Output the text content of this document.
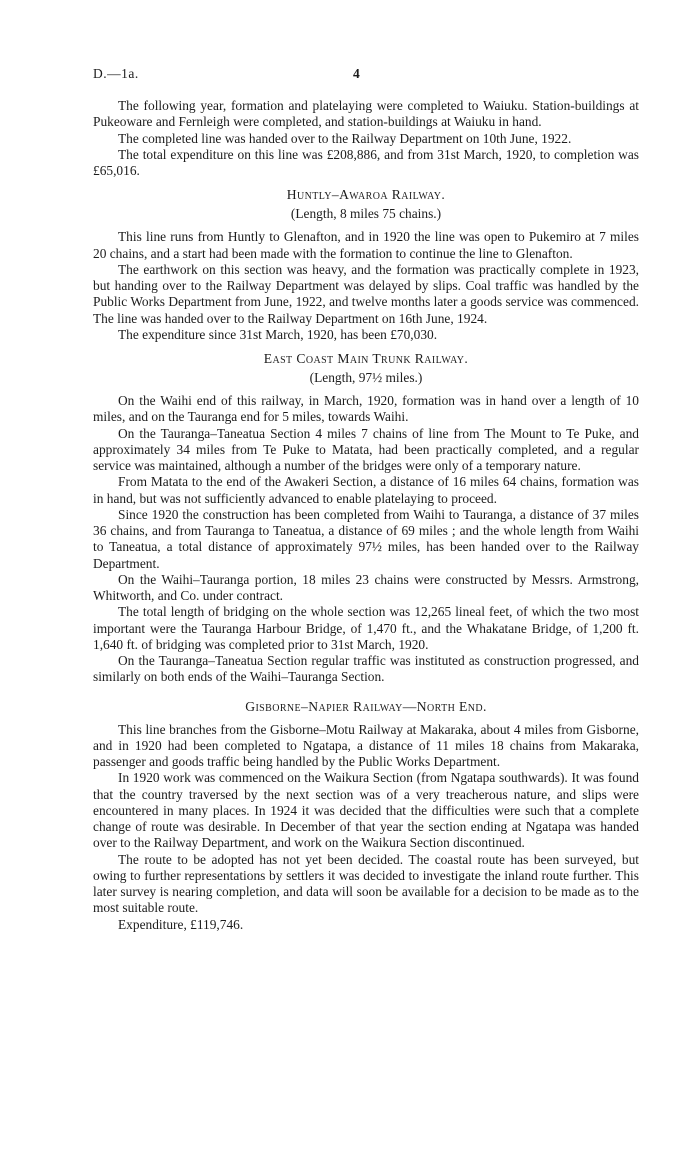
D.—1a.	4

The following year, formation and platelaying were completed to Waiuku. Station-buildings at Pukeoware and Fernleigh were completed, and station-buildings at Waiuku in hand.

The completed line was handed over to the Railway Department on 10th June, 1922.

The total expenditure on this line was £208,886, and from 31st March, 1920, to completion was £65,016.

Huntly–Awaroa Railway.
(Length, 8 miles 75 chains.)

This line runs from Huntly to Glenafton, and in 1920 the line was open to Pukemiro at 7 miles 20 chains, and a start had been made with the formation to continue the line to Glenafton.

The earthwork on this section was heavy, and the formation was practically complete in 1923, but handing over to the Railway Department was delayed by slips. Coal traffic was handled by the Public Works Department from June, 1922, and twelve months later a goods service was commenced. The line was handed over to the Railway Department on 16th June, 1924.

The expenditure since 31st March, 1920, has been £70,030.

East Coast Main Trunk Railway.
(Length, 97½ miles.)

On the Waihi end of this railway, in March, 1920, formation was in hand over a length of 10 miles, and on the Tauranga end for 5 miles, towards Waihi.

On the Tauranga–Taneatua Section 4 miles 7 chains of line from The Mount to Te Puke, and approximately 34 miles from Te Puke to Matata, had been practically completed, and a regular service was maintained, although a number of the bridges were only of a temporary nature.

From Matata to the end of the Awakeri Section, a distance of 16 miles 64 chains, formation was in hand, but was not sufficiently advanced to enable platelaying to proceed.

Since 1920 the construction has been completed from Waihi to Tauranga, a distance of 37 miles 36 chains, and from Tauranga to Taneatua, a distance of 69 miles ; and the whole length from Waihi to Taneatua, a total distance of approximately 97½ miles, has been handed over to the Railway Department.

On the Waihi–Tauranga portion, 18 miles 23 chains were constructed by Messrs. Armstrong, Whitworth, and Co. under contract.

The total length of bridging on the whole section was 12,265 lineal feet, of which the two most important were the Tauranga Harbour Bridge, of 1,470 ft., and the Whakatane Bridge, of 1,200 ft. 1,640 ft. of bridging was completed prior to 31st March, 1920.

On the Tauranga–Taneatua Section regular traffic was instituted as construction progressed, and similarly on both ends of the Waihi–Tauranga Section.

Gisborne–Napier Railway—North End.

This line branches from the Gisborne–Motu Railway at Makaraka, about 4 miles from Gisborne, and in 1920 had been completed to Ngatapa, a distance of 11 miles 18 chains from Makaraka, passenger and goods traffic being handled by the Public Works Department.

In 1920 work was commenced on the Waikura Section (from Ngatapa southwards). It was found that the country traversed by the next section was of a very treacherous nature, and slips were encountered in many places. In 1924 it was decided that the difficulties were such that a complete change of route was desirable. In December of that year the section ending at Ngatapa was handed over to the Railway Department, and work on the Waikura Section discontinued.

The route to be adopted has not yet been decided. The coastal route has been surveyed, but owing to further representations by settlers it was decided to investigate the inland route further. This later survey is nearing completion, and data will soon be available for a decision to be made as to the most suitable route.

Expenditure, £119,746.
